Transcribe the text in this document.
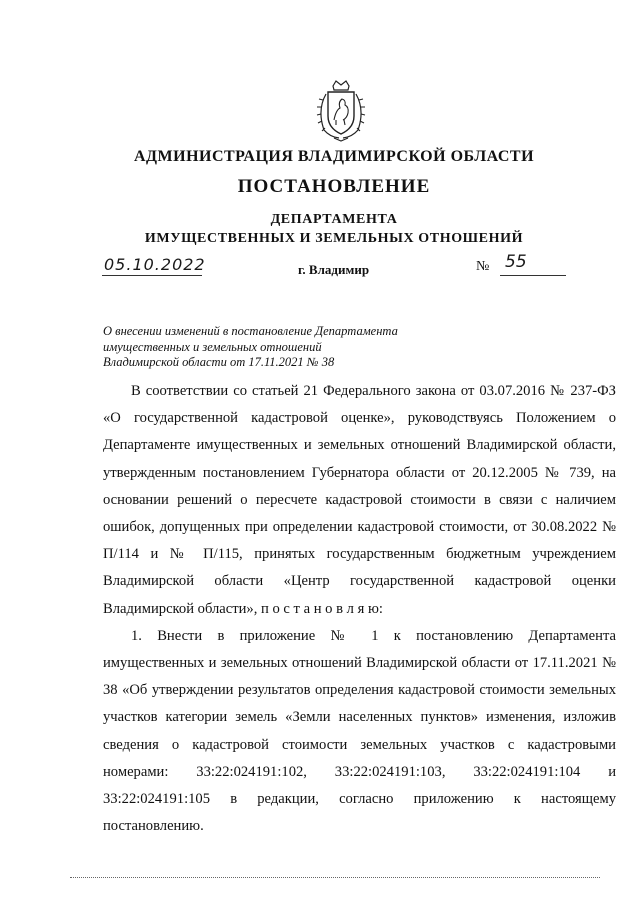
АДМИНИСТРАЦИЯ ВЛАДИМИРСКОЙ ОБЛАСТИ
ПОСТАНОВЛЕНИЕ
ДЕПАРТАМЕНТА
ИМУЩЕСТВЕННЫХ И ЗЕМЕЛЬНЫХ ОТНОШЕНИЙ
05.10.2022	г. Владимир	№ 55
О внесении изменений в постановление Департамента
имущественных и земельных отношений
Владимирской области от 17.11.2021 № 38

В соответствии со статьей 21 Федерального закона от 03.07.2016 № 237-ФЗ «О государственной кадастровой оценке», руководствуясь Положением о Департаменте имущественных и земельных отношений Владимирской области, утвержденным постановлением Губернатора области от 20.12.2005 № 739, на основании решений о пересчете кадастровой стоимости в связи с наличием ошибок, допущенных при определении кадастровой стоимости, от 30.08.2022 № П/114 и № П/115, принятых государственным бюджетным учреждением Владимирской области «Центр государственной кадастровой оценки Владимирской области», п о с т а н о в л я ю:

1. Внести в приложение № 1 к постановлению Департамента имущественных и земельных отношений Владимирской области от 17.11.2021 № 38 «Об утверждении результатов определения кадастровой стоимости земельных участков категории земель «Земли населенных пунктов» изменения, изложив сведения о кадастровой стоимости земельных участков с кадастровыми номерами: 33:22:024191:102, 33:22:024191:103, 33:22:024191:104 и 33:22:024191:105 в редакции, согласно приложению к настоящему постановлению.
